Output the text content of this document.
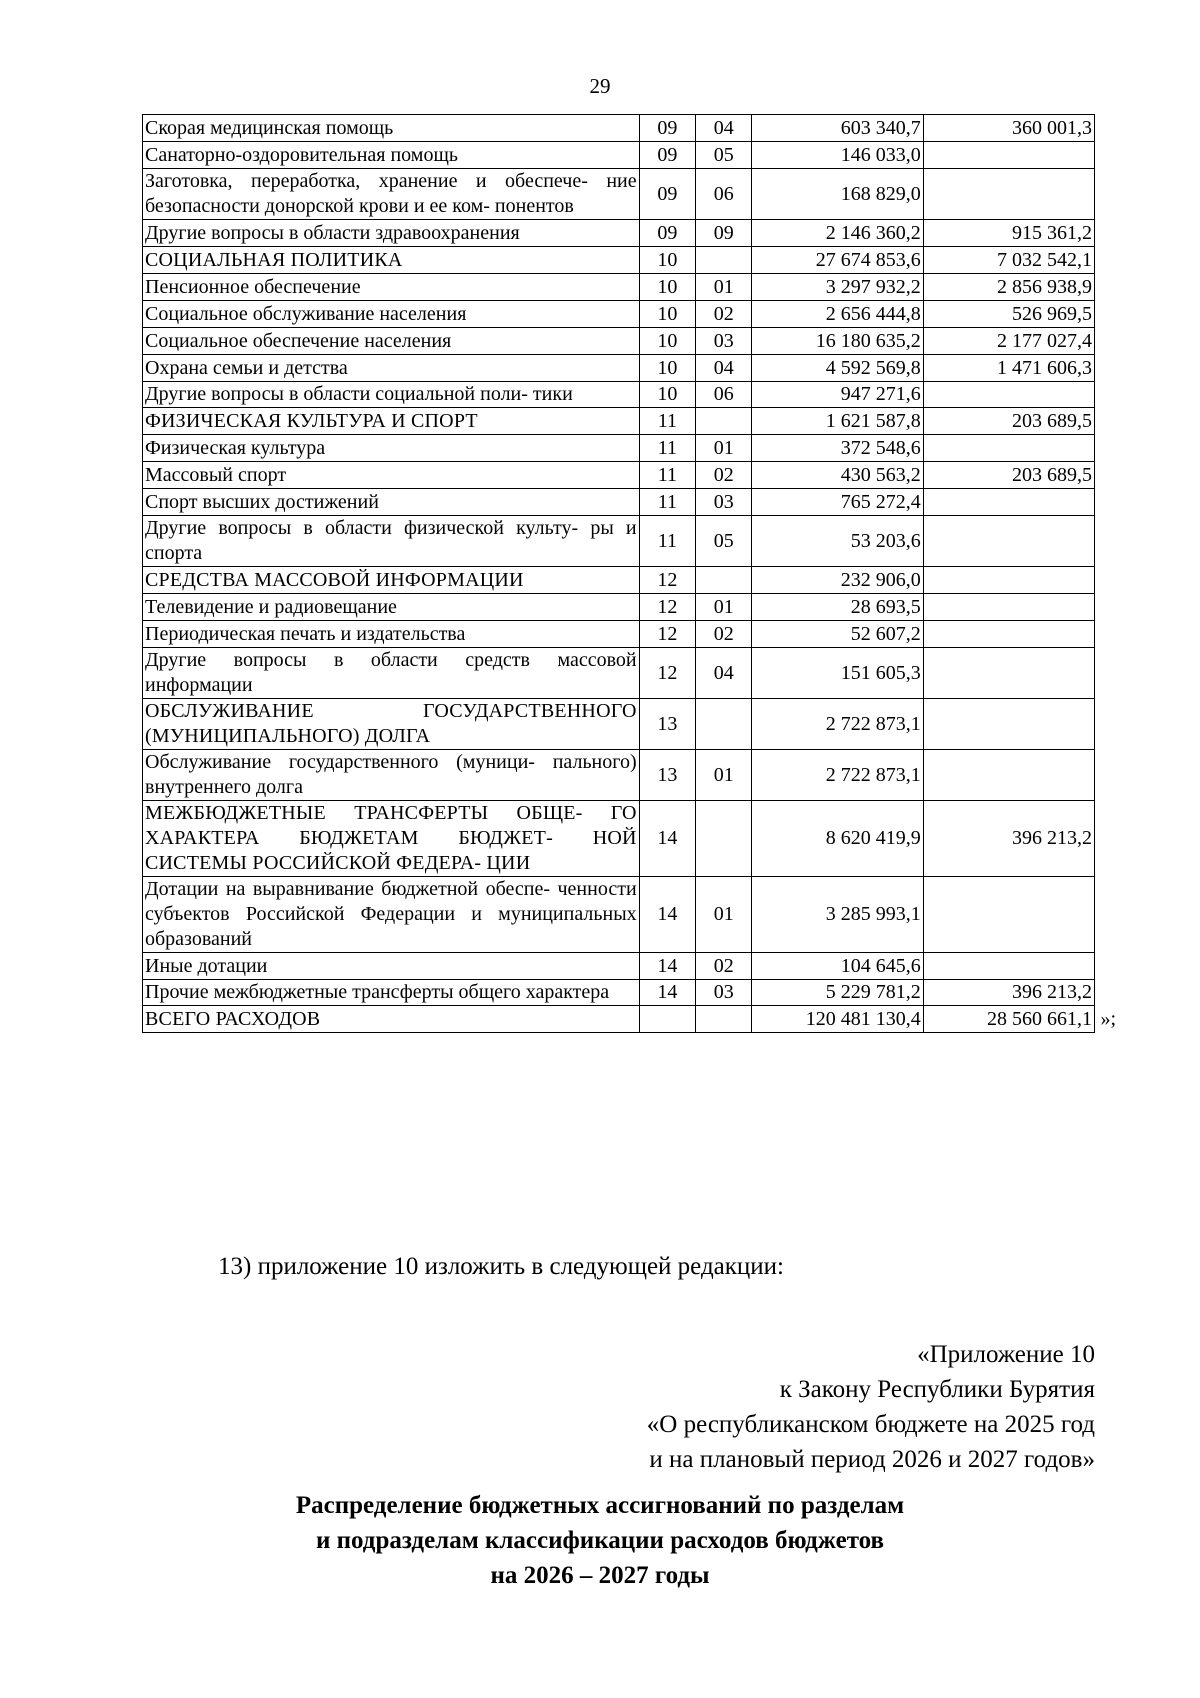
29
Скорая медицинская помощь	09	04	603 340,7	360 001,3
Санаторно-оздоровительная помощь	09	05	146 033,0	
Заготовка, переработка, хранение и обеспече- ние безопасности донорской крови и ее ком- понентов	09	06	168 829,0	
Другие вопросы в области здравоохранения	09	09	2 146 360,2	915 361,2
СОЦИАЛЬНАЯ ПОЛИТИКА	10		27 674 853,6	7 032 542,1
Пенсионное обеспечение	10	01	3 297 932,2	2 856 938,9
Социальное обслуживание населения	10	02	2 656 444,8	526 969,5
Социальное обеспечение населения	10	03	16 180 635,2	2 177 027,4
Охрана семьи и детства	10	04	4 592 569,8	1 471 606,3
Другие вопросы в области социальной поли- тики	10	06	947 271,6	
ФИЗИЧЕСКАЯ КУЛЬТУРА И СПОРТ	11		1 621 587,8	203 689,5
Физическая культура	11	01	372 548,6	
Массовый спорт	11	02	430 563,2	203 689,5
Спорт высших достижений	11	03	765 272,4	
Другие вопросы в области физической культу- ры и спорта	11	05	53 203,6	
СРЕДСТВА МАССОВОЙ ИНФОРМАЦИИ	12		232 906,0	
Телевидение и радиовещание	12	01	28 693,5	
Периодическая печать и издательства	12	02	52 607,2	
Другие вопросы в области средств массовой информации	12	04	151 605,3	
ОБСЛУЖИВАНИЕ ГОСУДАРСТВЕННОГО (МУНИЦИПАЛЬНОГО) ДОЛГА	13		2 722 873,1	
Обслуживание государственного (муници- пального) внутреннего долга	13	01	2 722 873,1	
МЕЖБЮДЖЕТНЫЕ ТРАНСФЕРТЫ ОБЩЕ- ГО ХАРАКТЕРА БЮДЖЕТАМ БЮДЖЕТ- НОЙ СИСТЕМЫ РОССИЙСКОЙ ФЕДЕРА- ЦИИ	14		8 620 419,9	396 213,2
Дотации на выравнивание бюджетной обеспе- ченности субъектов Российской Федерации и муниципальных образований	14	01	3 285 993,1	
Иные дотации	14	02	104 645,6	
Прочие межбюджетные трансферты общего характера	14	03	5 229 781,2	396 213,2
ВСЕГО РАСХОДОВ			120 481 130,4	28 560 661,1 »;
13) приложение 10 изложить в следующей редакции:
«Приложение 10
к Закону Республики Бурятия
«О республиканском бюджете на 2025 год
и на плановый период 2026 и 2027 годов»
Распределение бюджетных ассигнований по разделам
и подразделам классификации расходов бюджетов
на 2026 – 2027 годы
